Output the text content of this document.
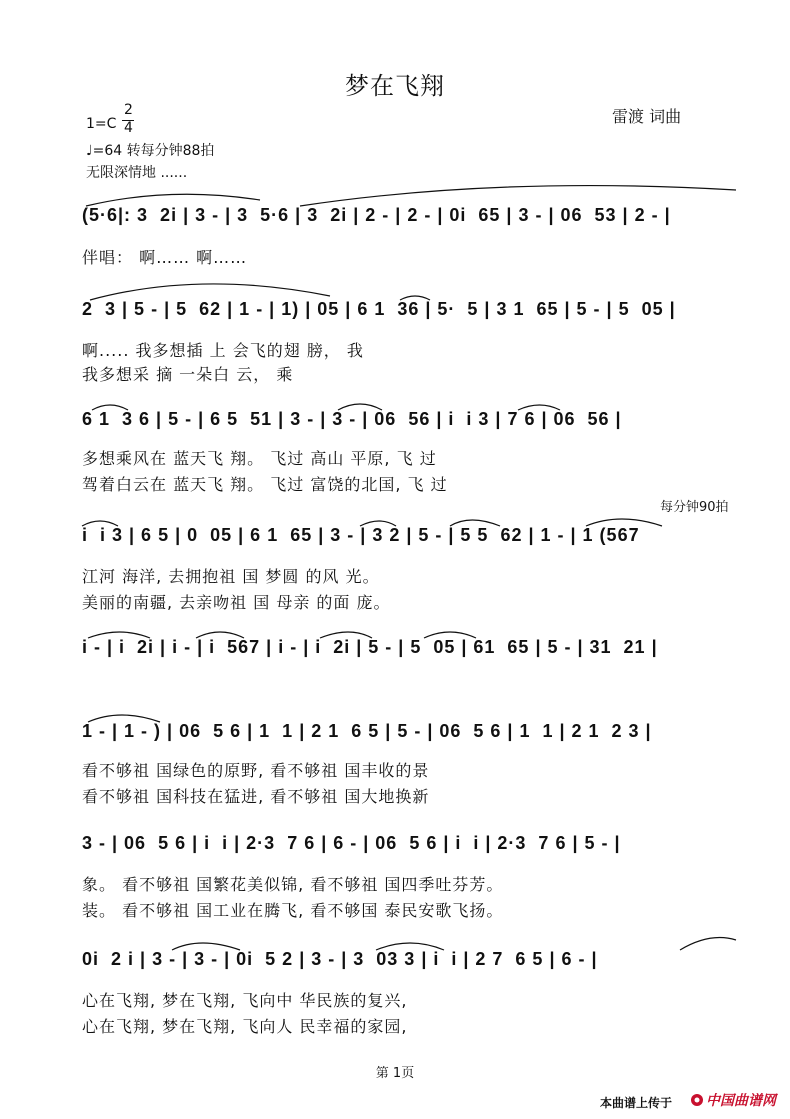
梦在飞翔
雷渡 词曲
1=C
2
4
♩=64 转每分钟88拍
无限深情地 ......
(5·6|: 3  2i | 3 - | 3  5·6 | 3  2i | 2 - | 2 - | 0i  65 | 3 - | 06  53 | 2 - |
伴唱： 啊…… 啊……
2  3 | 5 - | 5  62 | 1 - | 1) | 05 | 6 1  36 | 5·  5 | 3 1  65 | 5 - | 5  05 |
啊..... 我多想插 上 会飞的翅 膀， 我
我多想采 摘 一朵白 云， 乘
6 1  3 6 | 5 - | 6 5  51 | 3 - | 3 - | 06  56 | i  i 3 | 7 6 | 06  56 |
多想乘风在 蓝天飞 翔。 飞过 高山 平原, 飞 过
驾着白云在 蓝天飞 翔。 飞过 富饶的北国, 飞 过
每分钟90拍
i  i 3 | 6 5 | 0  05 | 6 1  65 | 3 - | 3 2 | 5 - | 5 5  62 | 1 - | 1 (567
江河 海洋, 去拥抱祖 国 梦圆 的风 光。
美丽的南疆, 去亲吻祖 国 母亲 的面 庞。
i - | i  2i | i - | i  567 | i - | i  2i | 5 - | 5  05 | 61  65 | 5 - | 31  21 |
1 - | 1 - ) | 06  5 6 | 1  1 | 2 1  6 5 | 5 - | 06  5 6 | 1  1 | 2 1  2 3 |
看不够祖 国绿色的原野, 看不够祖 国丰收的景
看不够祖 国科技在猛进, 看不够祖 国大地换新
3 - | 06  5 6 | i  i | 2·3  7 6 | 6 - | 06  5 6 | i  i | 2·3  7 6 | 5 - |
象。 看不够祖 国繁花美似锦, 看不够祖 国四季吐芬芳。
装。 看不够祖 国工业在腾飞, 看不够国 泰民安歌飞扬。
0i  2 i | 3 - | 3 - | 0i  5 2 | 3 - | 3  03 3 | i  i | 2 7  6 5 | 6 - |
心在飞翔, 梦在飞翔, 飞向中 华民族的复兴,
心在飞翔, 梦在飞翔, 飞向人 民幸福的家园,
第 1页
本曲谱上传于 中国曲谱网
